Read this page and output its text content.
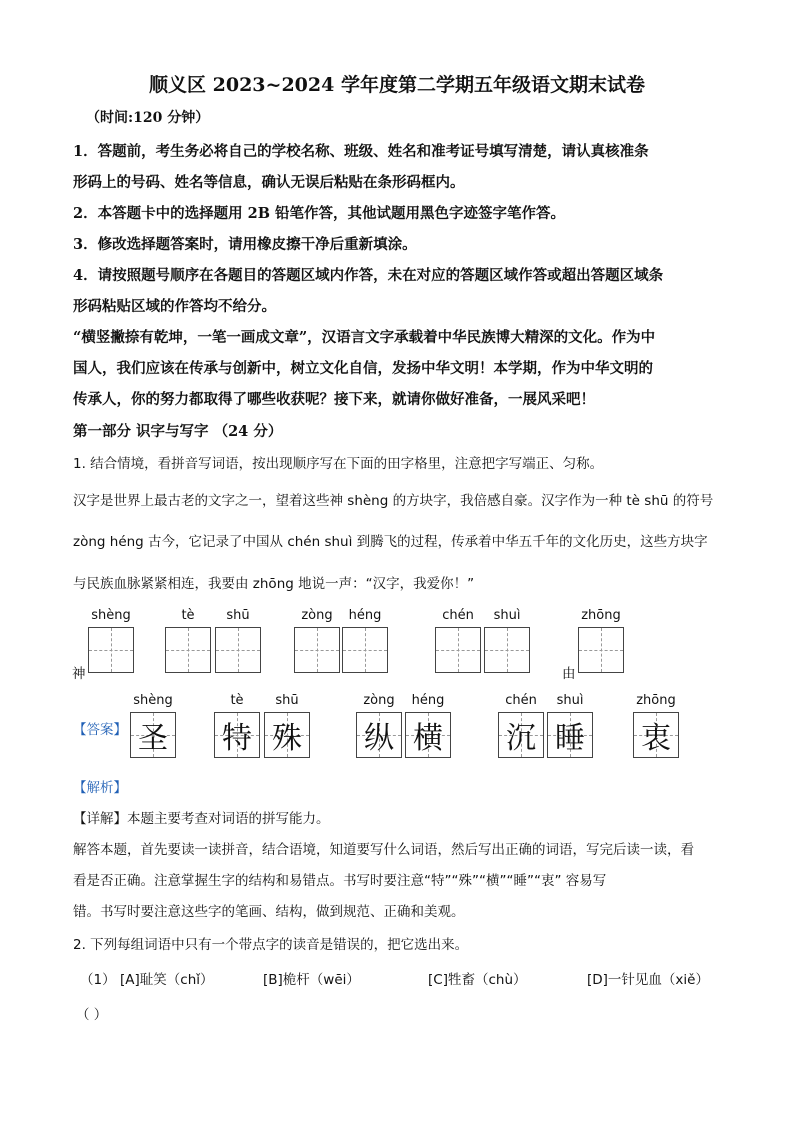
顺义区 2023~2024 学年度第二学期五年级语文期末试卷
（时间:120 分钟）
1．答题前，考生务必将自己的学校名称、班级、姓名和准考证号填写清楚，请认真核准条
形码上的号码、姓名等信息，确认无误后粘贴在条形码框内。
2．本答题卡中的选择题用 2B 铅笔作答，其他试题用黑色字迹签字笔作答。
3．修改选择题答案时，请用橡皮擦干净后重新填涂。
4．请按照题号顺序在各题目的答题区域内作答，未在对应的答题区域作答或超出答题区域条
形码粘贴区域的作答均不给分。
“横竖撇捺有乾坤，一笔一画成文章”，汉语言文字承载着中华民族博大精深的文化。作为中
国人，我们应该在传承与创新中，树立文化自信，发扬中华文明！本学期，作为中华文明的
传承人，你的努力都取得了哪些收获呢？接下来，就请你做好准备，一展风采吧！
第一部分 识字与写字 （24 分）
1. 结合情境，看拼音写词语，按出现顺序写在下面的田字格里，注意把字写端正、匀称。
汉字是世界上最古老的文字之一，望着这些神 shèng 的方块字，我倍感自豪。汉字作为一种 tè shū 的符号
zòng héng 古今，它记录了中国从 chén shuì 到腾飞的过程，传承着中华五千年的文化历史，这些方块字
与民族血脉紧紧相连，我要由 zhōng 地说一声：“汉字，我爱你！”
shèng	tè	shū	zòng	héng	chén	shuì	zhōng
神	由
shèng	tè	shū	zòng	héng	chén	shuì	zhōng
【答案】 圣 特 殊 纵 横 沉 睡 衷
【解析】
【详解】本题主要考查对词语的拼写能力。
解答本题，首先要读一读拼音，结合语境，知道要写什么词语，然后写出正确的词语，写完后读一读，看
看是否正确。注意掌握生字的结构和易错点。书写时要注意“特”“殊”“横”“睡”“衷” 容易写
错。书写时要注意这些字的笔画、结构，做到规范、正确和美观。
2. 下列每组词语中只有一个带点字的读音是错误的，把它选出来。
（1） [A]耻笑（chǐ）	[B]桅杆（wēi）	[C]牲畜（chù）	[D]一针见血（xiě）
（ ）
